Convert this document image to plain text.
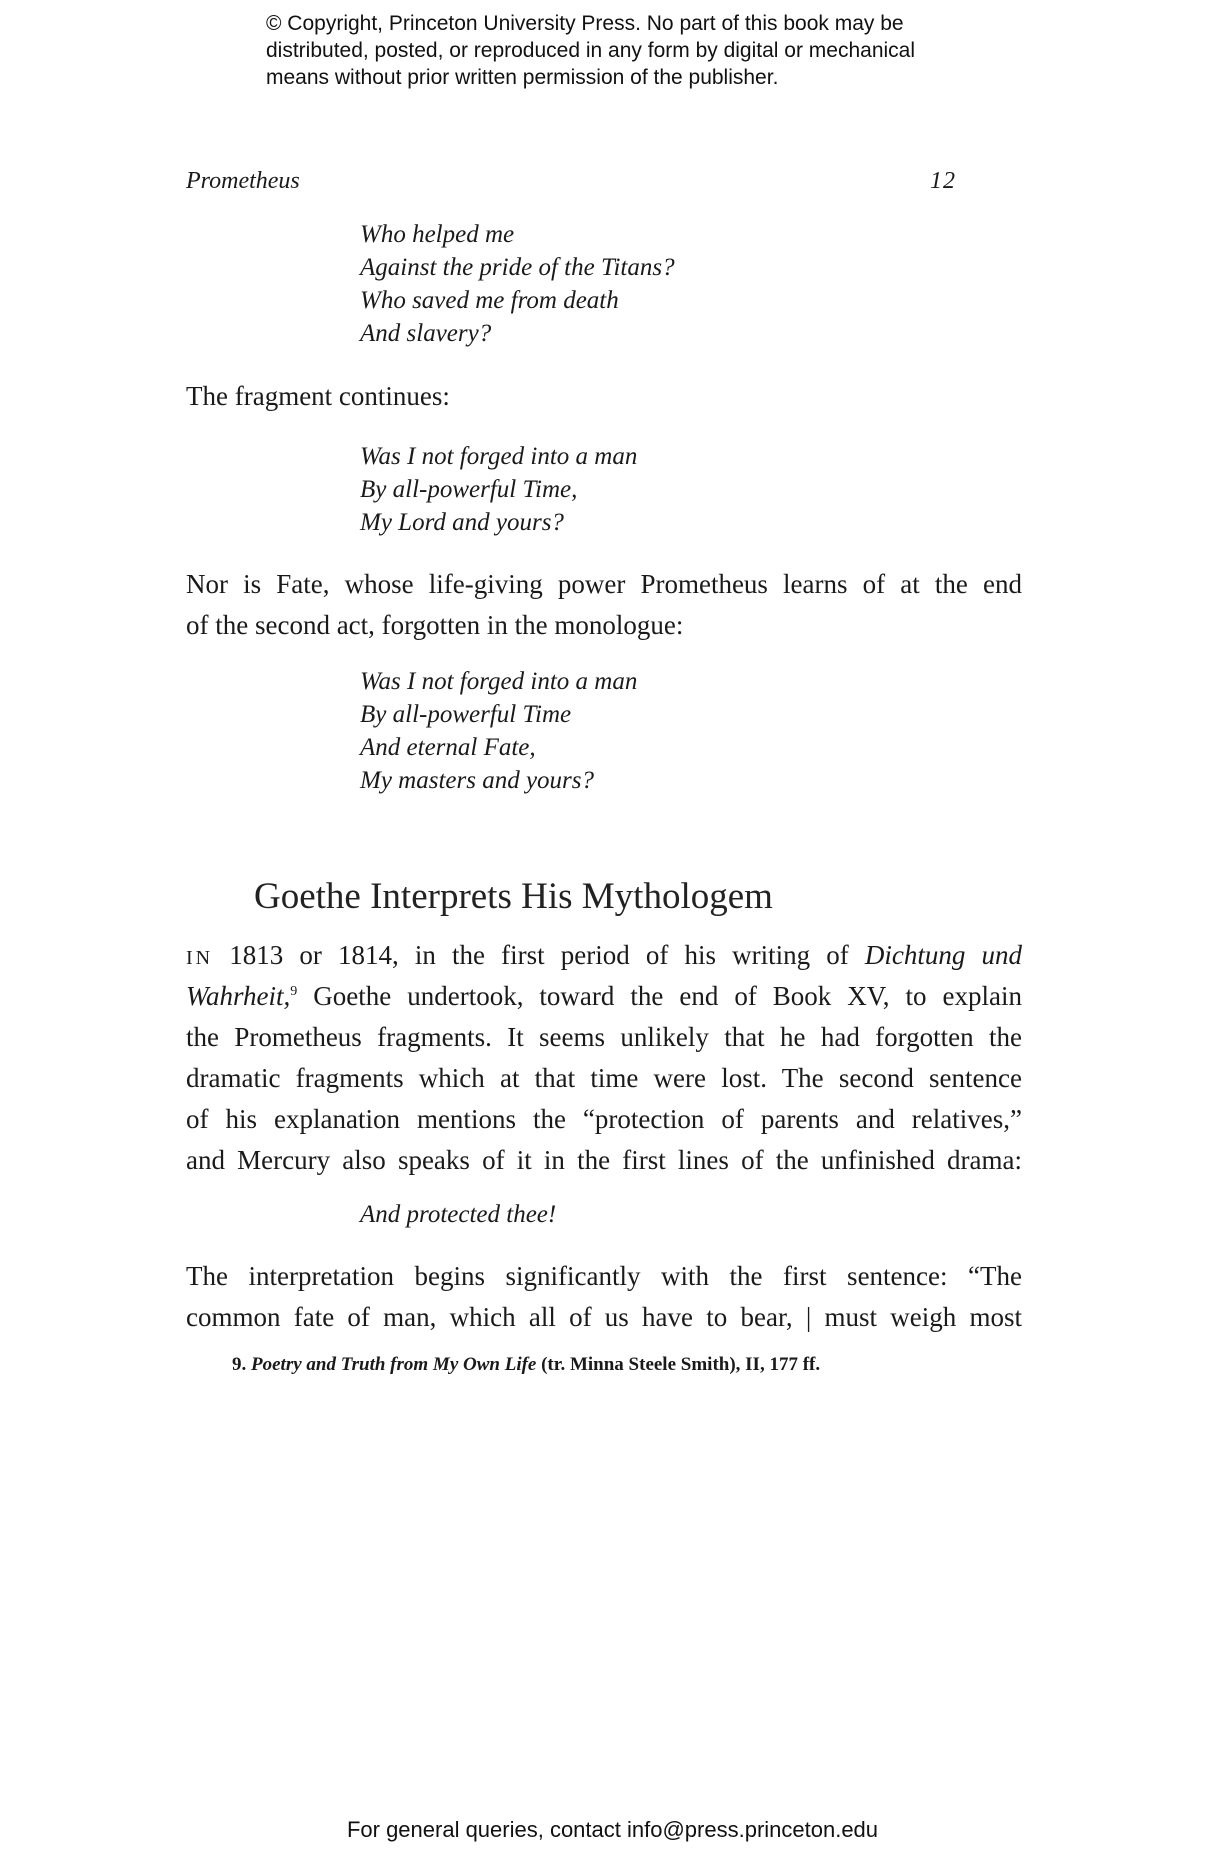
© Copyright, Princeton University Press. No part of this book may be
distributed, posted, or reproduced in any form by digital or mechanical
means without prior written permission of the publisher.
Prometheus	12
Who helped me
Against the pride of the Titans?
Who saved me from death
And slavery?
The fragment continues:
Was I not forged into a man
By all-powerful Time,
My Lord and yours?
Nor is Fate, whose life-giving power Prometheus learns of at the end
of the second act, forgotten in the monologue:
Was I not forged into a man
By all-powerful Time
And eternal Fate,
My masters and yours?
Goethe Interprets His Mythologem
IN 1813 or 1814, in the first period of his writing of Dichtung und
Wahrheit,$^9$ Goethe undertook, toward the end of Book XV, to explain
the Prometheus fragments. It seems unlikely that he had forgotten the
dramatic fragments which at that time were lost. The second sentence
of his explanation mentions the “protection of parents and relatives,”
and Mercury also speaks of it in the first lines of the unfinished drama:
And protected thee!
The interpretation begins significantly with the first sentence: “The
common fate of man, which all of us have to bear, | must weigh most
9. Poetry and Truth from My Own Life (tr. Minna Steele Smith), II, 177 ff.
For general queries, contact info@press.princeton.edu
